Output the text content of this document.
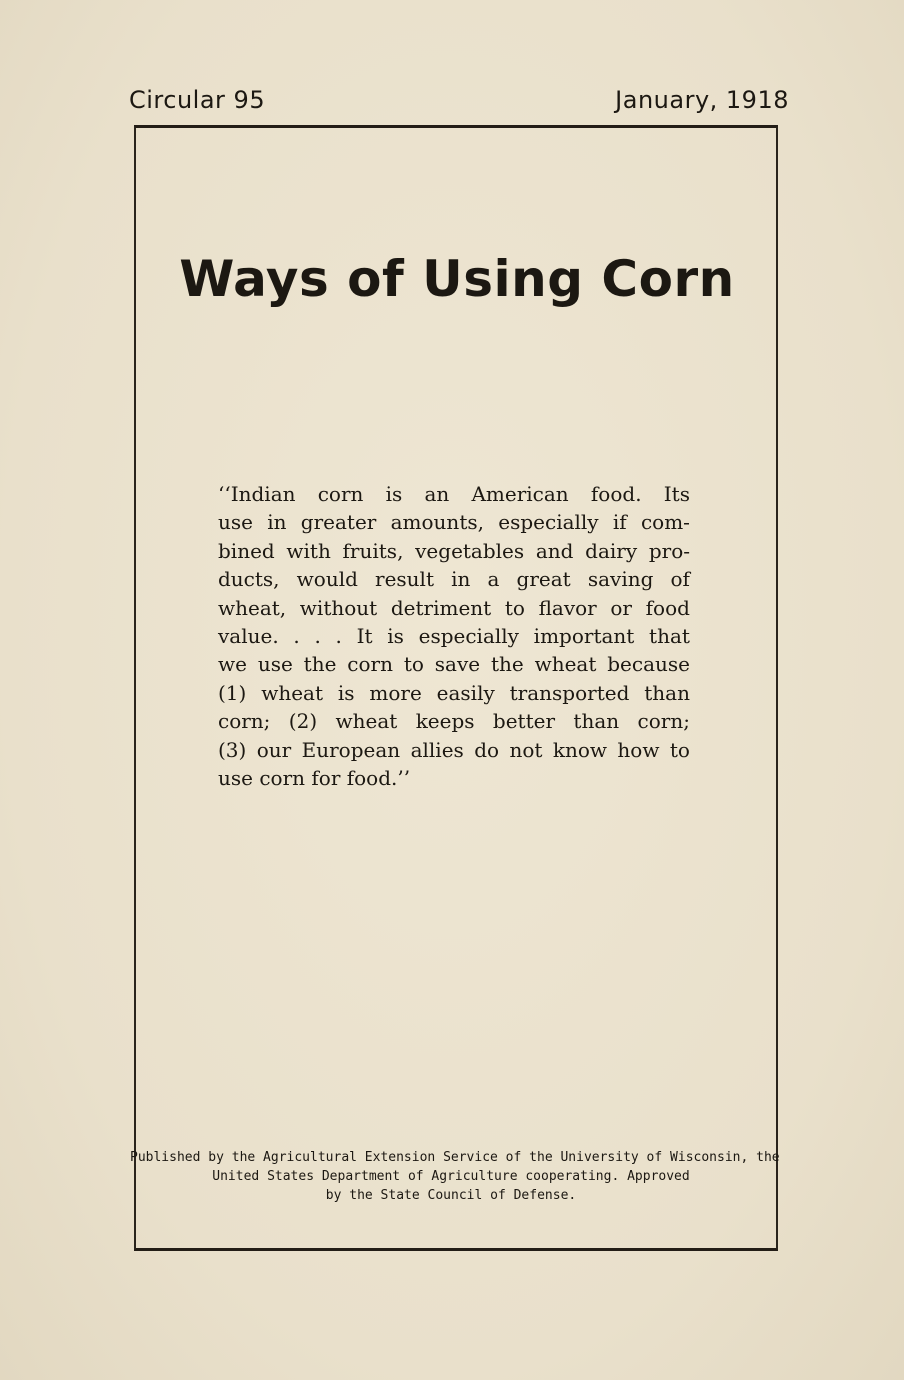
Circular 95	January, 1918
Ways of Using Corn
‘‘Indian corn is an American food. Its
use in greater amounts, especially if com-
bined with fruits, vegetables and dairy pro-
ducts, would result in a great saving of
wheat, without detriment to flavor or food
value. . . . It is especially important that
we use the corn to save the wheat because
(1) wheat is more easily transported than
corn; (2) wheat keeps better than corn;
(3) our European allies do not know how to
use corn for food.’’
Published by the Agricultural Extension Service of the University of Wisconsin, the
United States Department of Agriculture cooperating. Approved
by the State Council of Defense.
